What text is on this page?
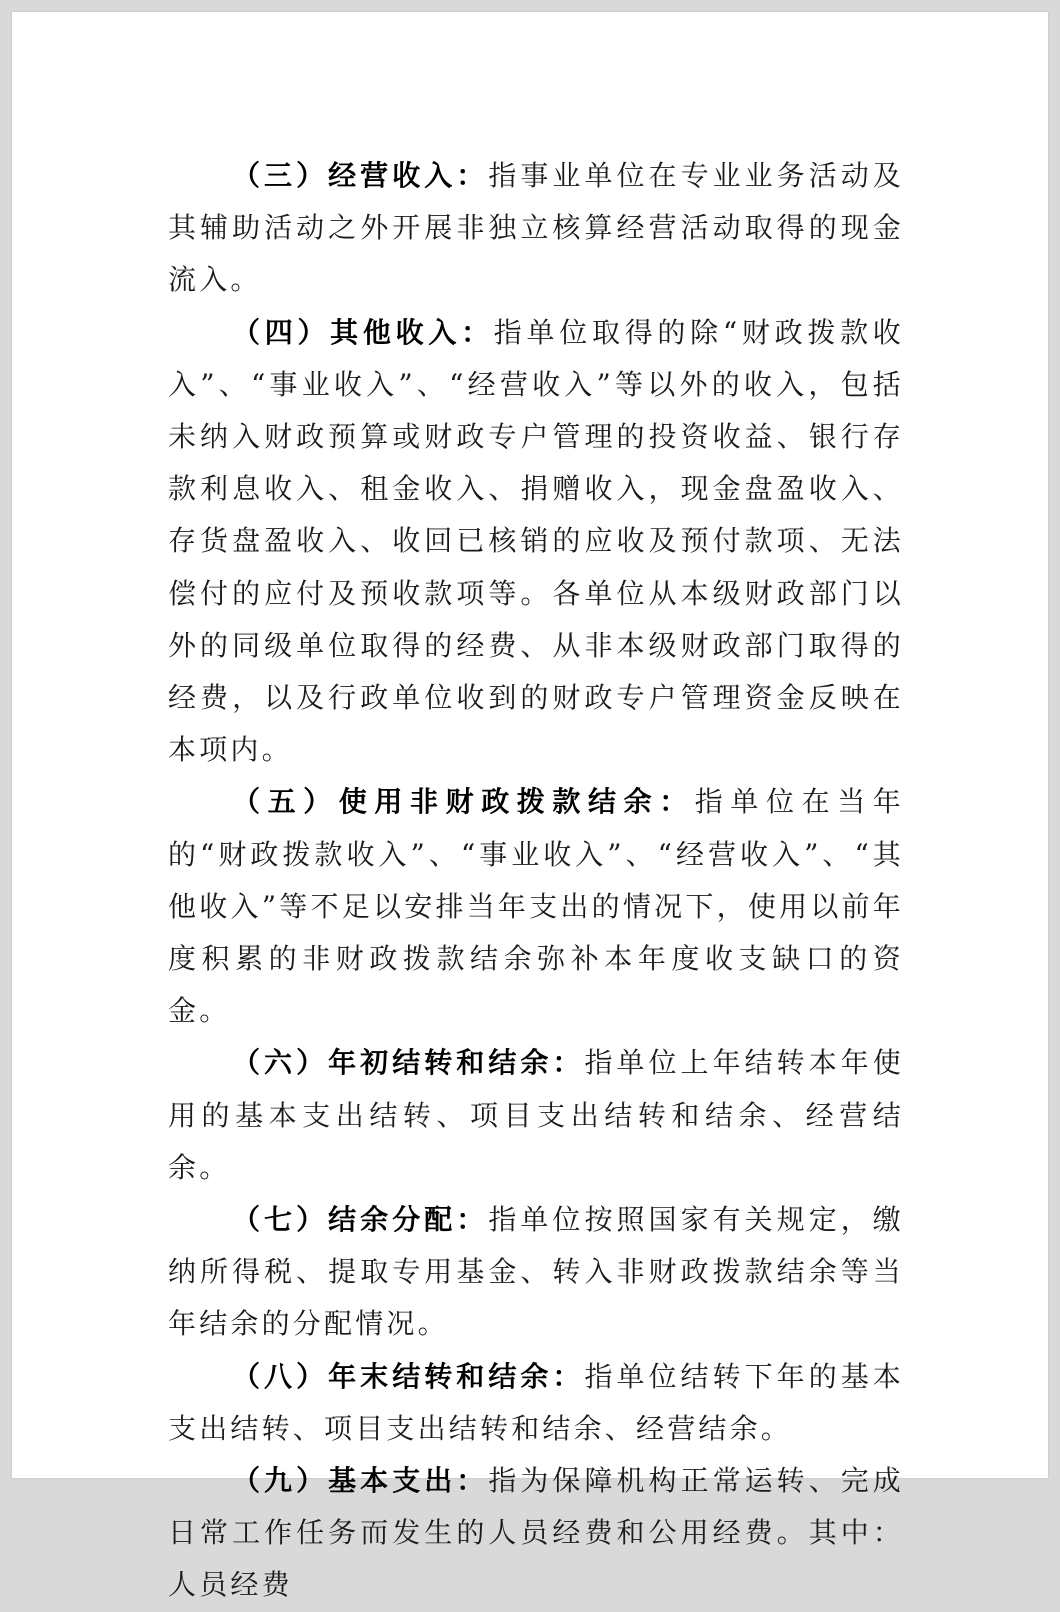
（三）经营收入：指事业单位在专业业务活动及其辅助活动之外开展非独立核算经营活动取得的现金流入。

（四）其他收入：指单位取得的除“财政拨款收入”、“事业收入”、“经营收入”等以外的收入，包括未纳入财政预算或财政专户管理的投资收益、银行存款利息收入、租金收入、捐赠收入，现金盘盈收入、存货盘盈收入、收回已核销的应收及预付款项、无法偿付的应付及预收款项等。各单位从本级财政部门以外的同级单位取得的经费、从非本级财政部门取得的经费，以及行政单位收到的财政专户管理资金反映在本项内。

（五）使用非财政拨款结余：指单位在当年的“财政拨款收入”、“事业收入”、“经营收入”、“其他收入”等不足以安排当年支出的情况下，使用以前年度积累的非财政拨款结余弥补本年度收支缺口的资金。

（六）年初结转和结余：指单位上年结转本年使用的基本支出结转、项目支出结转和结余、经营结余。

（七）结余分配：指单位按照国家有关规定，缴纳所得税、提取专用基金、转入非财政拨款结余等当年结余的分配情况。

（八）年末结转和结余：指单位结转下年的基本支出结转、项目支出结转和结余、经营结余。

（九）基本支出：指为保障机构正常运转、完成日常工作任务而发生的人员经费和公用经费。其中：人员经费
